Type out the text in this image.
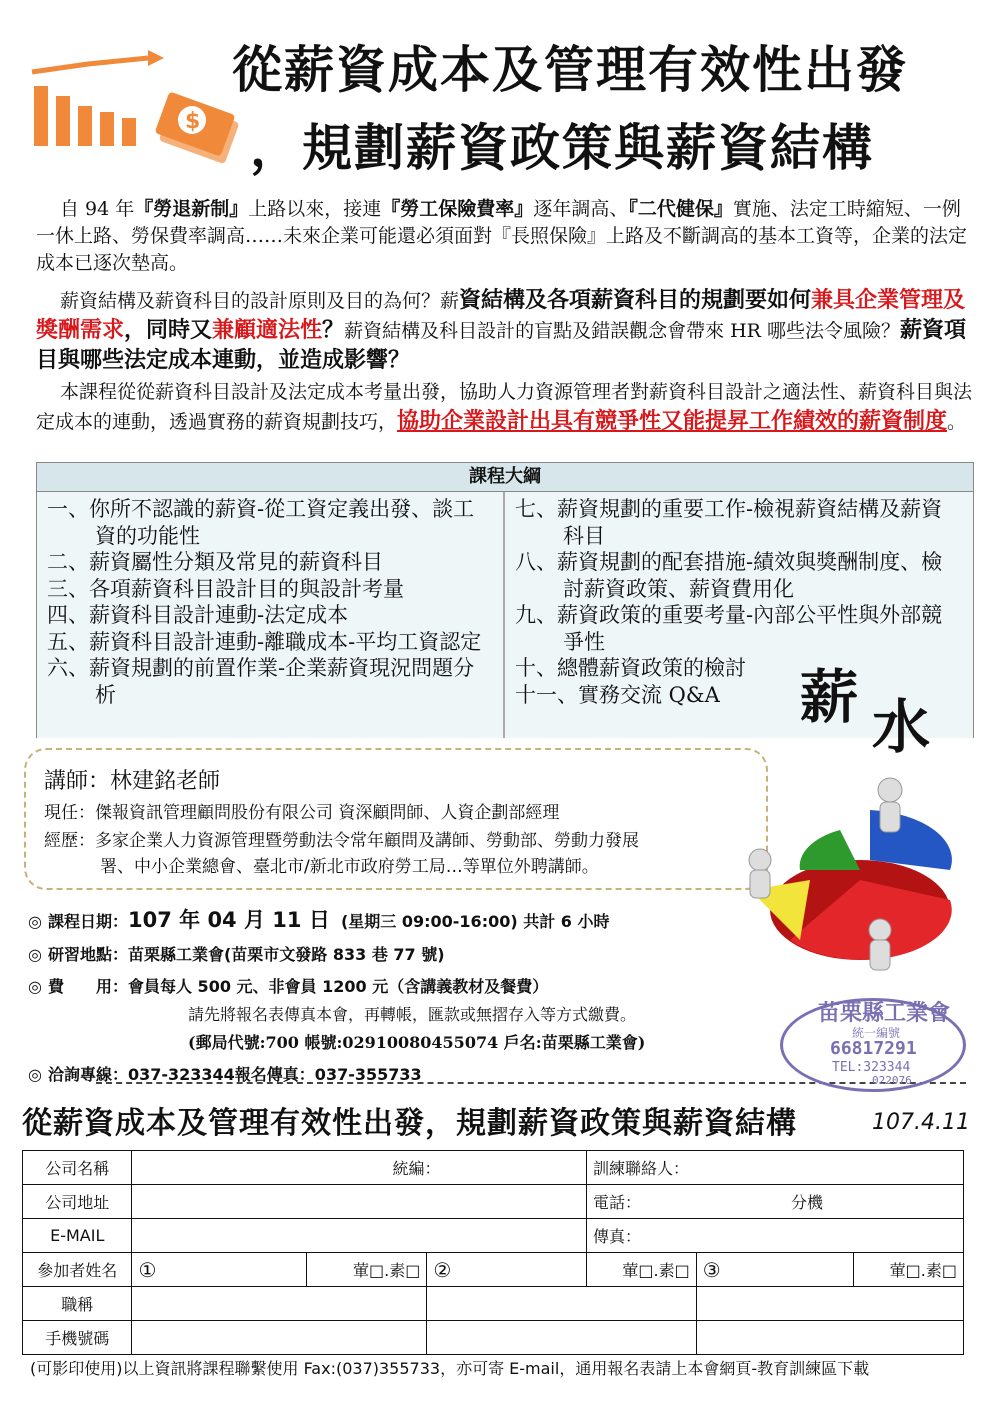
$
從薪資成本及管理有效性出發
，規劃薪資政策與薪資結構
自 94 年『勞退新制』上路以來，接連『勞工保險費率』逐年調高、『二代健保』實施、法定工時縮短、一例一休上路、勞保費率調高……未來企業可能還必須面對『長照保險』上路及不斷調高的基本工資等，企業的法定成本已逐次墊高。
薪資結構及薪資科目的設計原則及目的為何？薪資結構及各項薪資科目的規劃要如何兼具企業管理及獎酬需求，同時又兼顧適法性？薪資結構及科目設計的盲點及錯誤觀念會帶來 HR 哪些法令風險？薪資項目與哪些法定成本連動，並造成影響？
本課程從從薪資科目設計及法定成本考量出發，協助人力資源管理者對薪資科目設計之適法性、薪資科目與法定成本的連動，透過實務的薪資規劃技巧，協助企業設計出具有競爭性又能提昇工作績效的薪資制度。
課程大綱
一、你所不認識的薪資-從工資定義出發、談工資的功能性
二、薪資屬性分類及常見的薪資科目
三、各項薪資科目設計目的與設計考量
四、薪資科目設計連動-法定成本
五、薪資科目設計連動-離職成本-平均工資認定
六、薪資規劃的前置作業-企業薪資現況問題分析
七、薪資規劃的重要工作-檢視薪資結構及薪資科目
八、薪資規劃的配套措施-績效與獎酬制度、檢討薪資政策、薪資費用化
九、薪資政策的重要考量-內部公平性與外部競爭性
十、總體薪資政策的檢討
十一、實務交流 Q&A	薪 水
講師：林建銘老師
現任：傑報資訊管理顧問股份有限公司 資深顧問師、人資企劃部經理
經歷：多家企業人力資源管理暨勞動法令常年顧問及講師、勞動部、勞動力發展
署、中小企業總會、臺北市/新北市政府勞工局…等單位外聘講師。
◎ 課程日期：107 年 04 月 11 日 (星期三 09:00-16:00) 共計 6 小時
◎ 研習地點：苗栗縣工業會(苗栗市文發路 833 巷 77 號)
◎ 費　　用：會員每人 500 元、非會員 1200 元（含講義教材及餐費）
請先將報名表傳真本會，再轉帳，匯款或無摺存入等方式繳費。
(郵局代號:700 帳號:02910080455074 戶名:苗栗縣工業會)
◎ 洽詢專線：037-323344報名傳真：037-355733
苗栗縣工業會
統一編號
66817291
TEL:323344
022076
從薪資成本及管理有效性出發，規劃薪資政策與薪資結構	107.4.11
公司名稱	統編：			訓練聯絡人：		
公司地址				電話： 分機		
E-MAIL				傳真：		
參加者姓名	①	葷□.素□	②	葷□.素□	③	葷□.素□
職稱						
手機號碼						
(可影印使用)以上資訊將課程聯繫使用 Fax:(037)355733，亦可寄 E-mail，通用報名表請上本會網頁-教育訓練區下載
